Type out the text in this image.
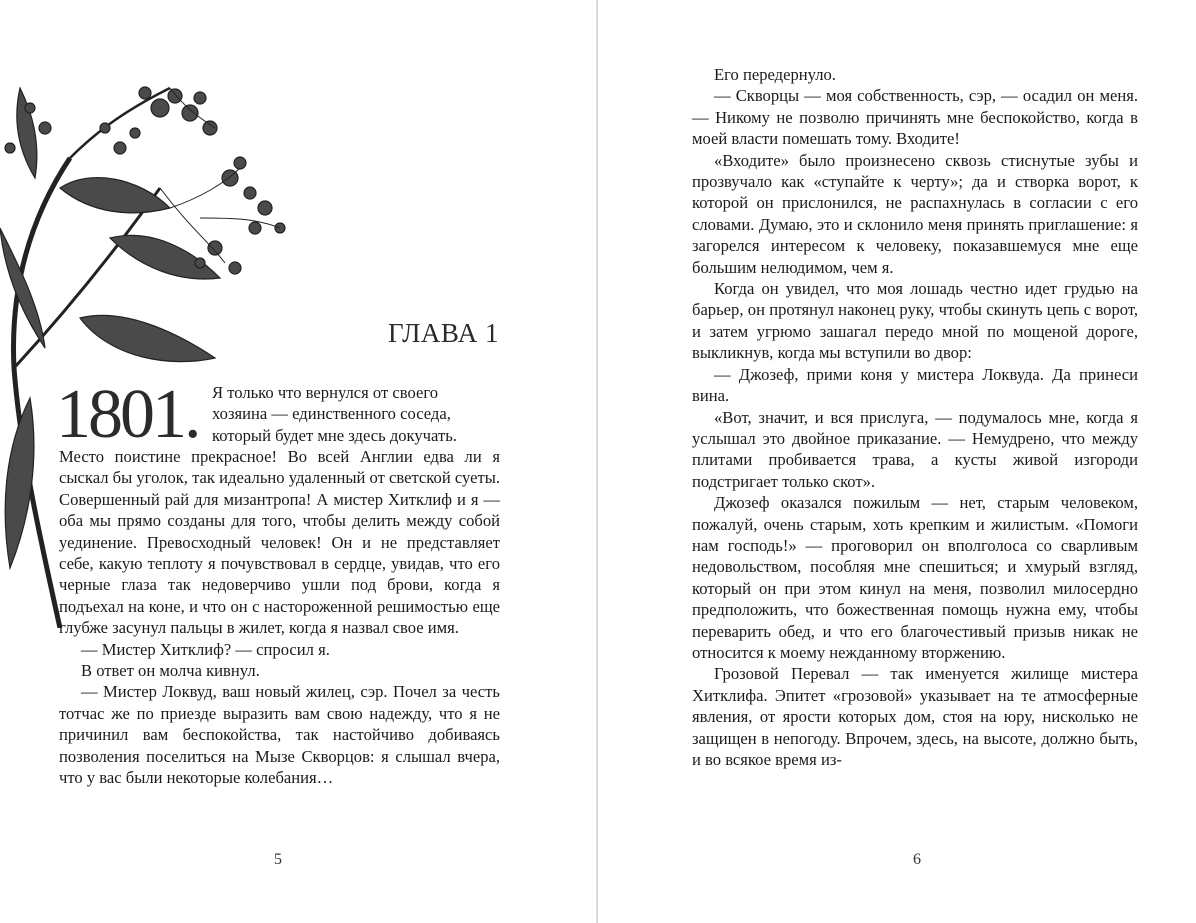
ГЛАВА 1
1801. Я только что вернулся от своего

хозяина — единственного соседа,

который будет мне здесь докучать.

Место поистине прекрасное! Во всей Англии едва ли я сыскал бы уголок, так идеально удаленный от светской суеты. Совершенный рай для мизантропа! А мистер Хитклиф и я — оба мы прямо созданы для того, чтобы делить между собой уединение. Превосходный человек! Он и не представляет себе, какую теплоту я почувствовал в сердце, увидав, что его черные глаза так недоверчиво ушли под брови, когда я подъехал на коне, и что он с настороженной решимостью еще глубже засунул пальцы в жилет, когда я назвал свое имя.

— Мистер Хитклиф? — спросил я.

В ответ он молча кивнул.

— Мистер Локвуд, ваш новый жилец, сэр. Почел за честь тотчас же по приезде выразить вам свою надежду, что я не причинил вам беспокойства, так настойчиво добиваясь позволения поселиться на Мызе Скворцов: я слышал вчера, что у вас были некоторые колебания…

5

Его передернуло.

— Скворцы — моя собственность, сэр, — осадил он меня. — Никому не позволю причинять мне беспокойство, когда в моей власти помешать тому. Входите!

«Входите» было произнесено сквозь стиснутые зубы и прозвучало как «ступайте к черту»; да и створка ворот, к которой он прислонился, не распахнулась в согласии с его словами. Думаю, это и склонило меня принять приглашение: я загорелся интересом к человеку, показавшемуся мне еще большим нелюдимом, чем я.

Когда он увидел, что моя лошадь честно идет грудью на барьер, он протянул наконец руку, чтобы скинуть цепь с ворот, и затем угрюмо зашагал передо мной по мощеной дороге, выкликнув, когда мы вступили во двор:

— Джозеф, прими коня у мистера Локвуда. Да принеси вина.

«Вот, значит, и вся прислуга, — подумалось мне, когда я услышал это двойное приказание. — Немудрено, что между плитами пробивается трава, а кусты живой изгороди подстригает только скот».

Джозеф оказался пожилым — нет, старым человеком, пожалуй, очень старым, хоть крепким и жилистым. «Помоги нам господь!» — проговорил он вполголоса со сварливым недовольством, пособляя мне спешиться; и хмурый взгляд, который он при этом кинул на меня, позволил милосердно предположить, что божественная помощь нужна ему, чтобы переварить обед, и что его благочестивый призыв никак не относится к моему нежданному вторжению.

Грозовой Перевал — так именуется жилище мистера Хитклифа. Эпитет «грозовой» указывает на те атмосферные явления, от ярости которых дом, стоя на юру, нисколько не защищен в непогоду. Впрочем, здесь, на высоте, должно быть, и во всякое время из-

6
